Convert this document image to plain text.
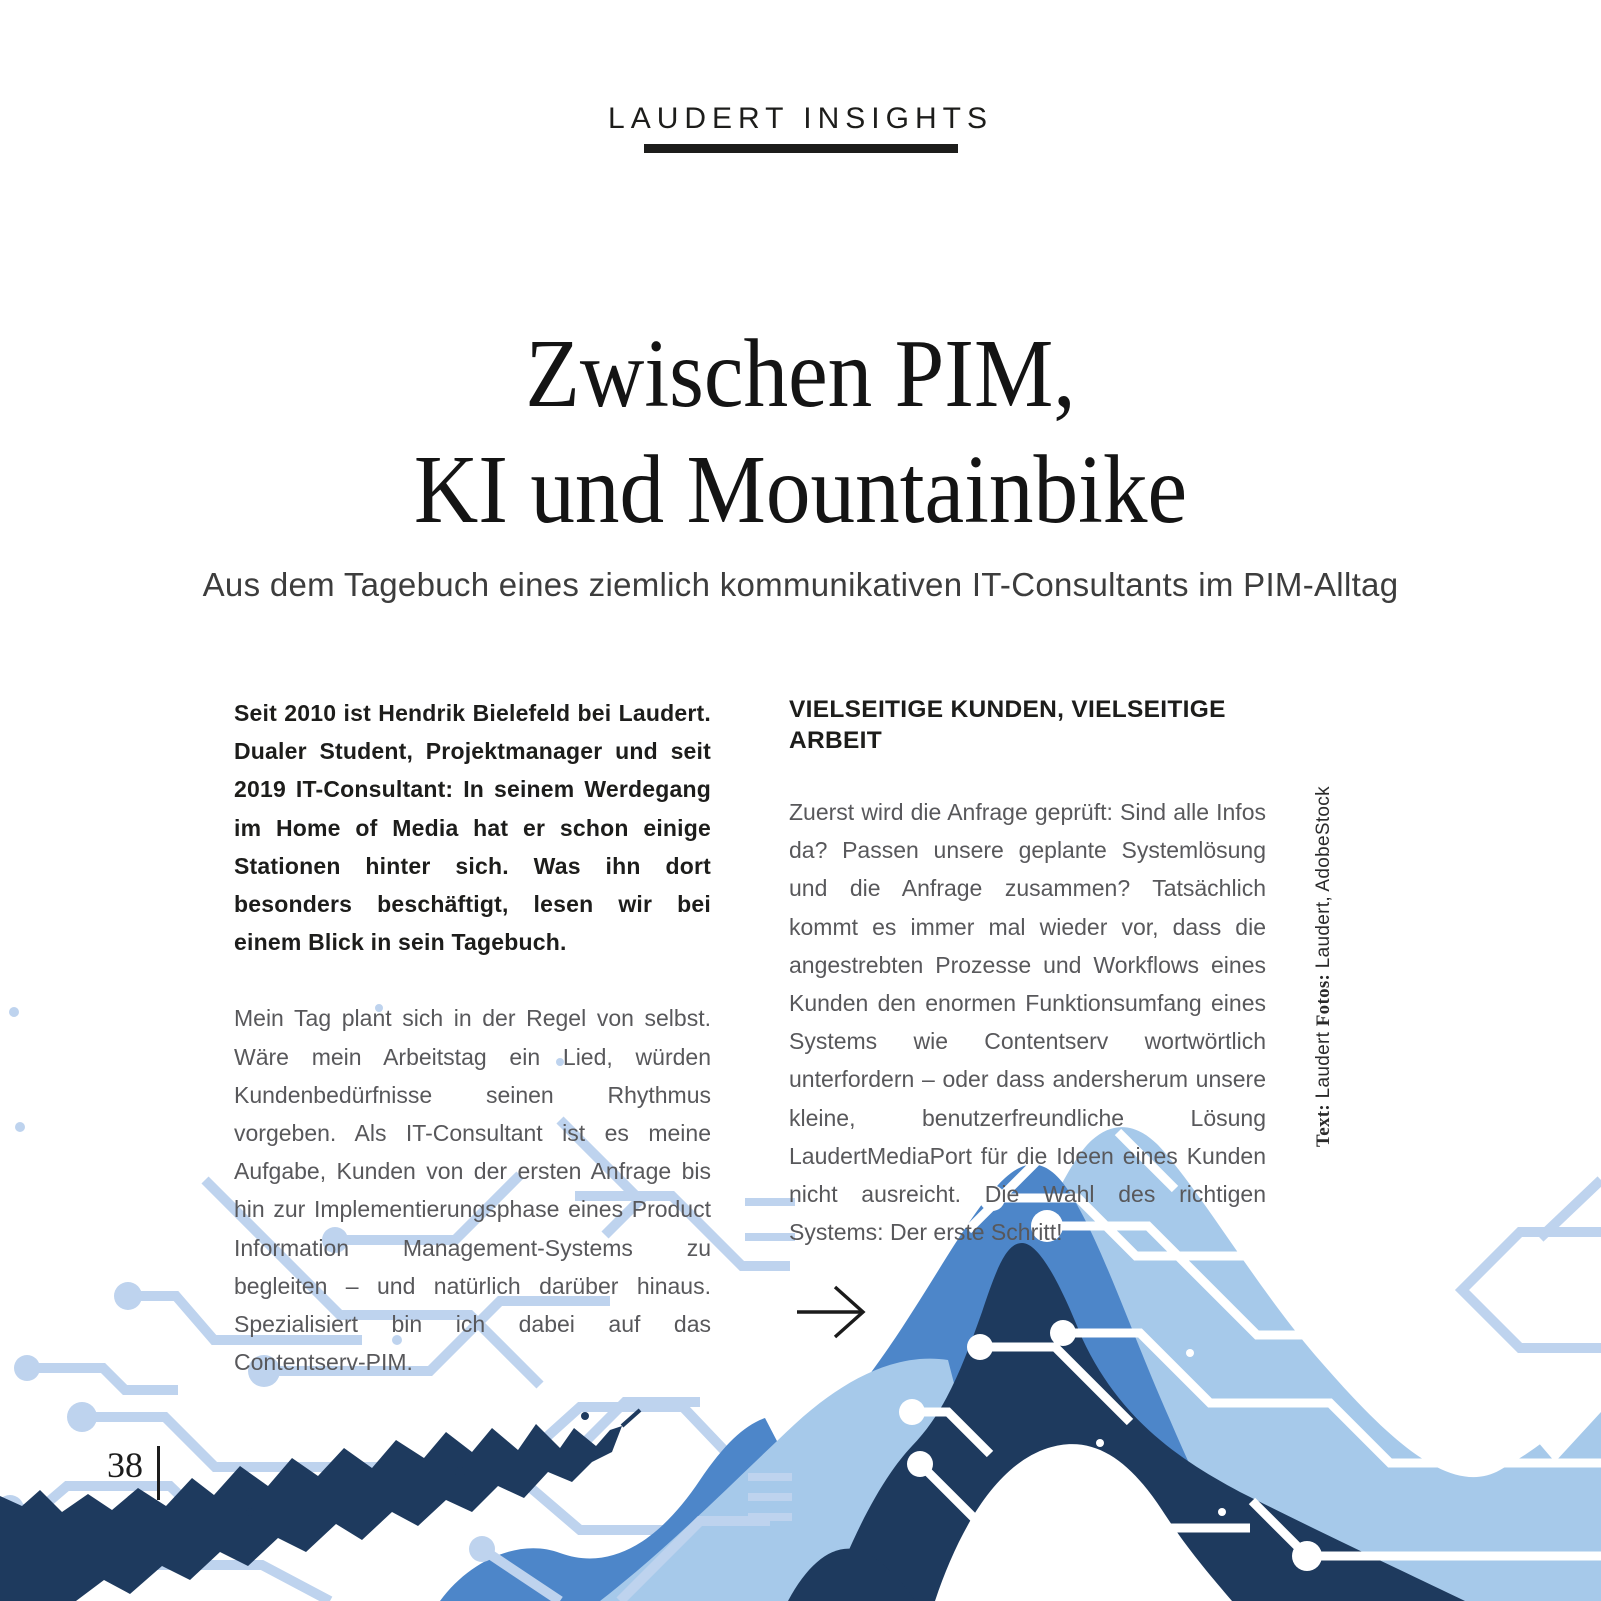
LAUDERT INSIGHTS
Zwischen PIM,
KI und Mountainbike
Aus dem Tagebuch eines ziemlich kommunikativen IT-Consultants im PIM-Alltag

Seit 2010 ist Hendrik Bielefeld bei Laudert. Dualer Student, Projektmanager und seit 2019 IT-Consultant: In seinem Werdegang im Home of Media hat er schon einige Stationen hinter sich. Was ihn dort besonders beschäftigt, lesen wir bei einem Blick in sein Tagebuch.

Mein Tag plant sich in der Regel von selbst. Wäre mein Arbeitstag ein Lied, würden Kundenbedürfnisse seinen Rhythmus vorgeben. Als IT-Consultant ist es meine Aufgabe, Kunden von der ersten Anfrage bis hin zur Implementierungsphase eines Product Information Management-Systems zu begleiten – und natürlich darüber hinaus. Spezialisiert bin ich dabei auf das Contentserv-PIM.

VIELSEITIGE KUNDEN, VIELSEITIGE ARBEIT

Zuerst wird die Anfrage geprüft: Sind alle Infos da? Passen unsere geplante Systemlösung und die Anfrage zusammen? Tatsächlich kommt es immer mal wieder vor, dass die angestrebten Prozesse und Workflows eines Kunden den enormen Funktionsumfang eines Systems wie Contentserv wortwörtlich unterfordern – oder dass andersherum unsere kleine, benutzerfreundliche Lösung LaudertMediaPort für die Ideen eines Kunden nicht ausreicht. Die Wahl des richtigen Systems: Der erste Schritt!

Text: Laudert Fotos: Laudert, AdobeStock
38
